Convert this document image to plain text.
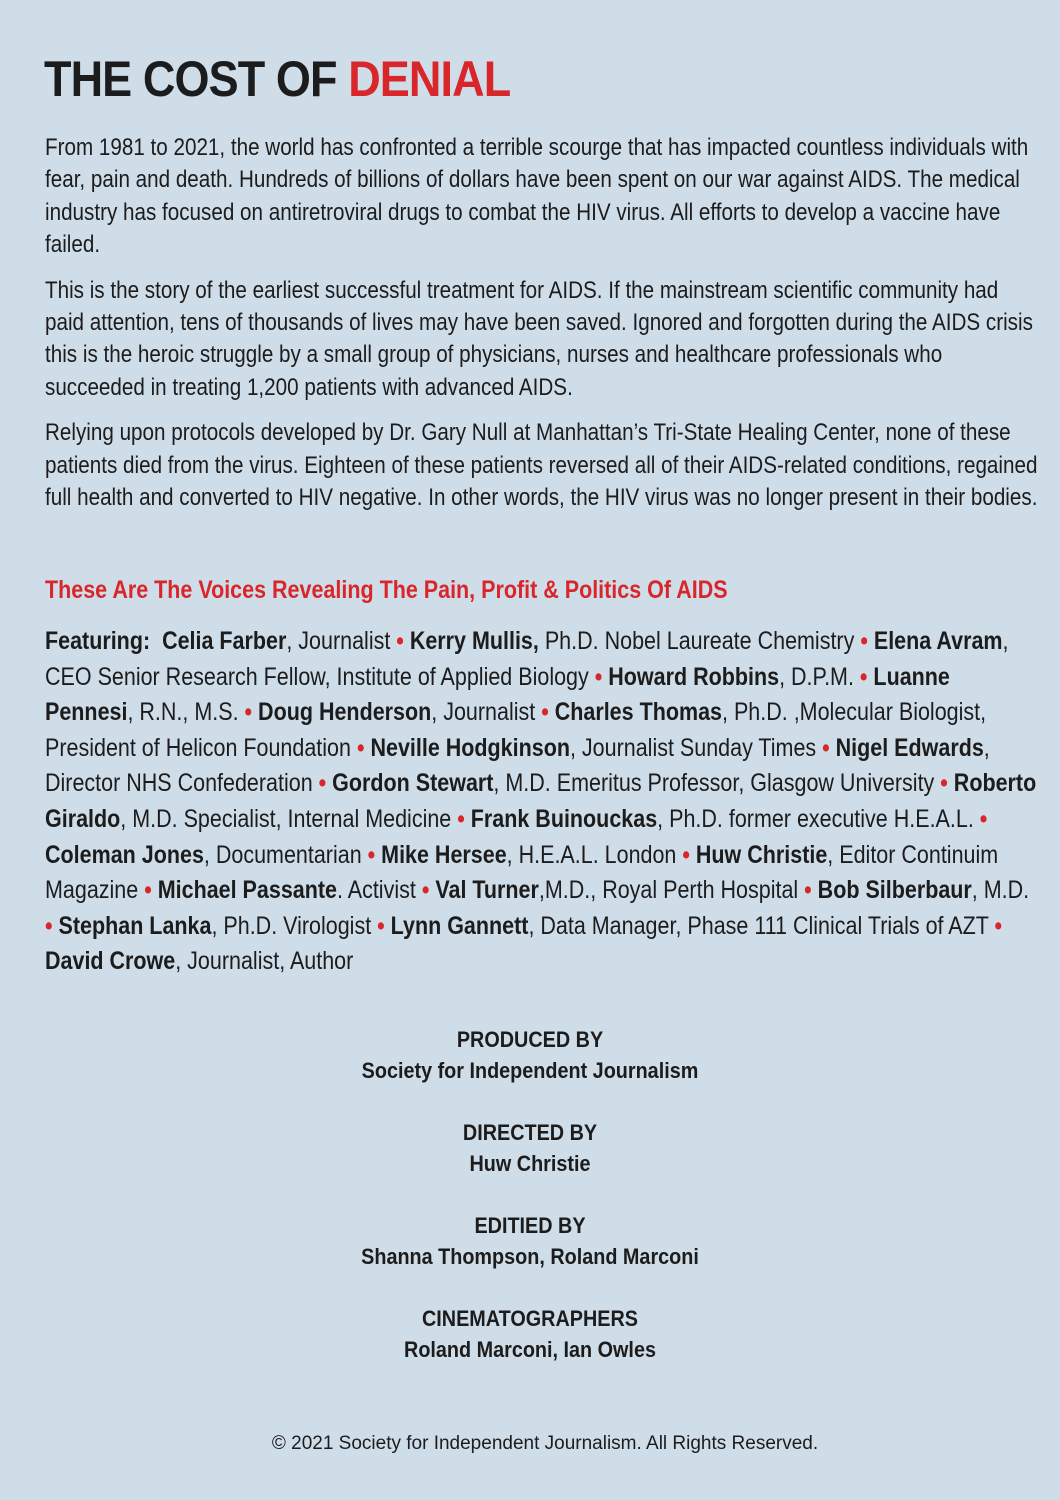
THE COST OF DENIAL

From 1981 to 2021, the world has confronted a terrible scourge that has impacted countless individuals with fear, pain and death. Hundreds of billions of dollars have been spent on our war against AIDS. The medical industry has focused on antiretroviral drugs to combat the HIV virus. All efforts to develop a vaccine have failed.

This is the story of the earliest successful treatment for AIDS. If the mainstream scientific community had paid attention, tens of thousands of lives may have been saved. Ignored and forgotten during the AIDS crisis this is the heroic struggle by a small group of physicians, nurses and healthcare professionals who succeeded in treating 1,200 patients with advanced AIDS.

Relying upon protocols developed by Dr. Gary Null at Manhattan’s Tri-State Healing Center, none of these patients died from the virus. Eighteen of these patients reversed all of their AIDS-related conditions, regained full health and converted to HIV negative. In other words, the HIV virus was no longer present in their bodies.

These Are The Voices Revealing The Pain, Profit & Politics Of AIDS
Featuring: Celia Farber, Journalist • Kerry Mullis, Ph.D. Nobel Laureate Chemistry • Elena Avram, CEO Senior Research Fellow, Institute of Applied Biology • Howard Robbins, D.P.M. • Luanne Pennesi, R.N., M.S. • Doug Henderson, Journalist • Charles Thomas, Ph.D. ,Molecular Biologist, President of Helicon Foundation • Neville Hodgkinson, Journalist Sunday Times • Nigel Edwards, Director NHS Confederation • Gordon Stewart, M.D. Emeritus Professor, Glasgow University • Roberto Giraldo, M.D. Specialist, Internal Medicine • Frank Buinouckas, Ph.D. former executive H.E.A.L. • Coleman Jones, Documentarian • Mike Hersee, H.E.A.L. London • Huw Christie, Editor Continuim Magazine • Michael Passante. Activist • Val Turner,M.D., Royal Perth Hospital • Bob Silberbaur, M.D. • Stephan Lanka, Ph.D. Virologist • Lynn Gannett, Data Manager, Phase 111 Clinical Trials of AZT • David Crowe, Journalist, Author
PRODUCED BY
Society for Independent Journalism
DIRECTED BY
Huw Christie
EDITIED BY
Shanna Thompson, Roland Marconi
CINEMATOGRAPHERS
Roland Marconi, Ian Owles
© 2021 Society for Independent Journalism. All Rights Reserved.
